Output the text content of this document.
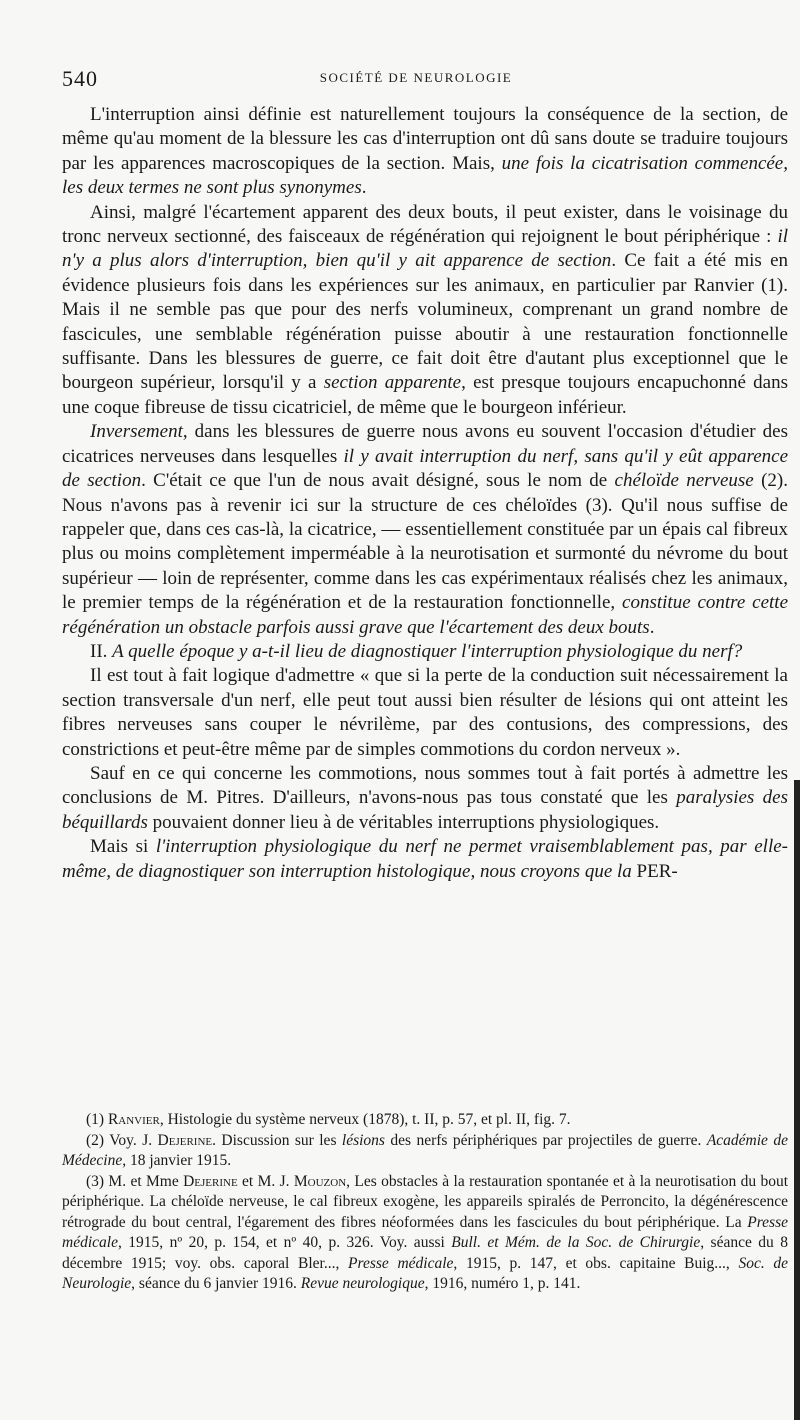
540	SOCIÉTÉ DE NEUROLOGIE

L'interruption ainsi définie est naturellement toujours la conséquence de la section, de même qu'au moment de la blessure les cas d'interruption ont dû sans doute se traduire toujours par les apparences macroscopiques de la section. Mais, une fois la cicatrisation commencée, les deux termes ne sont plus synonymes.

Ainsi, malgré l'écartement apparent des deux bouts, il peut exister, dans le voisinage du tronc nerveux sectionné, des faisceaux de régénération qui rejoignent le bout périphérique : il n'y a plus alors d'interruption, bien qu'il y ait apparence de section. Ce fait a été mis en évidence plusieurs fois dans les expériences sur les animaux, en particulier par Ranvier (1). Mais il ne semble pas que pour des nerfs volumineux, comprenant un grand nombre de fascicules, une semblable régénération puisse aboutir à une restauration fonctionnelle suffisante. Dans les blessures de guerre, ce fait doit être d'autant plus exceptionnel que le bourgeon supérieur, lorsqu'il y a section apparente, est presque toujours encapuchonné dans une coque fibreuse de tissu cicatriciel, de même que le bourgeon inférieur.

Inversement, dans les blessures de guerre nous avons eu souvent l'occasion d'étudier des cicatrices nerveuses dans lesquelles il y avait interruption du nerf, sans qu'il y eût apparence de section. C'était ce que l'un de nous avait désigné, sous le nom de chéloïde nerveuse (2). Nous n'avons pas à revenir ici sur la structure de ces chéloïdes (3). Qu'il nous suffise de rappeler que, dans ces cas-là, la cicatrice, — essentiellement constituée par un épais cal fibreux plus ou moins complètement imperméable à la neurotisation et surmonté du névrome du bout supérieur — loin de représenter, comme dans les cas expérimentaux réalisés chez les animaux, le premier temps de la régénération et de la restauration fonctionnelle, constitue contre cette régénération un obstacle parfois aussi grave que l'écartement des deux bouts.

II. A quelle époque y a-t-il lieu de diagnostiquer l'interruption physiologique du nerf?

Il est tout à fait logique d'admettre « que si la perte de la conduction suit nécessairement la section transversale d'un nerf, elle peut tout aussi bien résulter de lésions qui ont atteint les fibres nerveuses sans couper le névrilème, par des contusions, des compressions, des constrictions et peut-être même par de simples commotions du cordon nerveux ».

Sauf en ce qui concerne les commotions, nous sommes tout à fait portés à admettre les conclusions de M. Pitres. D'ailleurs, n'avons-nous pas tous constaté que les paralysies des béquillards pouvaient donner lieu à de véritables interruptions physiologiques.

Mais si l'interruption physiologique du nerf ne permet vraisemblablement pas, par elle-même, de diagnostiquer son interruption histologique, nous croyons que la PER-

(1) Ranvier, Histologie du système nerveux (1878), t. II, p. 57, et pl. II, fig. 7.

(2) Voy. J. Dejerine. Discussion sur les lésions des nerfs périphériques par projectiles de guerre. Académie de Médecine, 18 janvier 1915.

(3) M. et Mme Dejerine et M. J. Mouzon, Les obstacles à la restauration spontanée et à la neurotisation du bout périphérique. La chéloïde nerveuse, le cal fibreux exogène, les appareils spiralés de Perroncito, la dégénérescence rétrograde du bout central, l'égarement des fibres néoformées dans les fascicules du bout périphérique. La Presse médicale, 1915, nº 20, p. 154, et nº 40, p. 326. Voy. aussi Bull. et Mém. de la Soc. de Chirurgie, séance du 8 décembre 1915; voy. obs. caporal Bler..., Presse médicale, 1915, p. 147, et obs. capitaine Buig..., Soc. de Neurologie, séance du 6 janvier 1916. Revue neurologique, 1916, numéro 1, p. 141.
